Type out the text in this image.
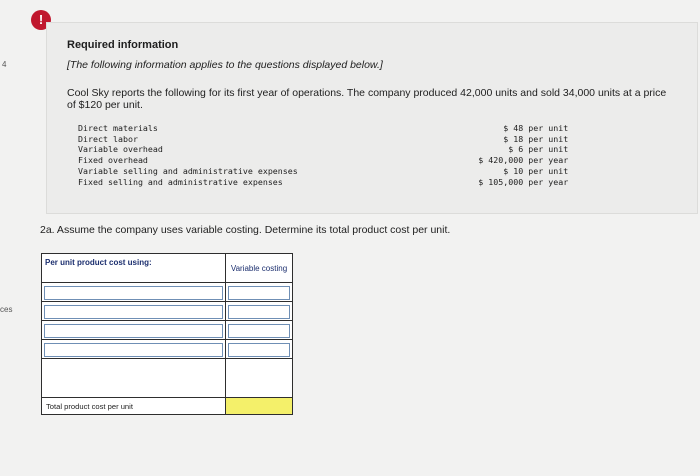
4
ces
!
Required information
[The following information applies to the questions displayed below.]
Cool Sky reports the following for its first year of operations. The company produced 42,000 units and sold 34,000 units at a price of $120 per unit.
Direct materials	$ 48	per unit
Direct labor	$ 18	per unit
Variable overhead	$ 6	per unit
Fixed overhead	$ 420,000	per year
Variable selling and administrative expenses	$ 10	per unit
Fixed selling and administrative expenses	$ 105,000	per year
2a. Assume the company uses variable costing. Determine its total product cost per unit.
Per unit product cost using:	Variable costing

Total product cost per unit	
